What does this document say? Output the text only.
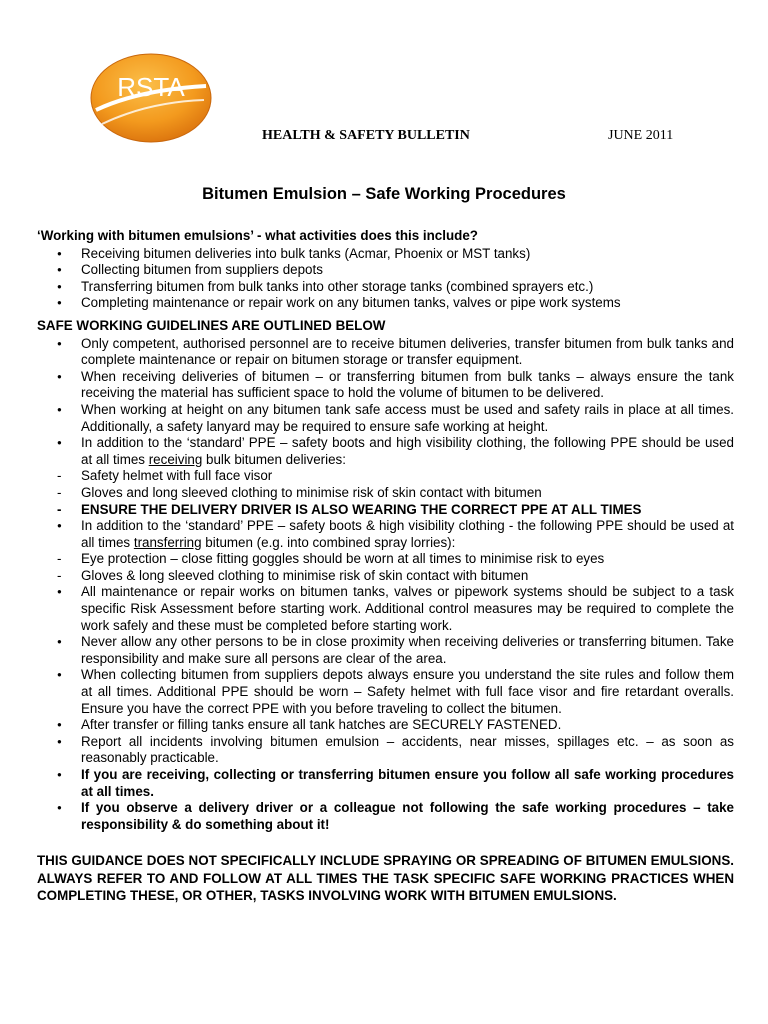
RSTA
HEALTH & SAFETY BULLETIN	JUNE 2011
Bitumen Emulsion – Safe Working Procedures
‘Working with bitumen emulsions’ - what activities does this include?
● Receiving bitumen deliveries into bulk tanks (Acmar, Phoenix or MST tanks)
● Collecting bitumen from suppliers depots
● Transferring bitumen from bulk tanks into other storage tanks (combined sprayers etc.)
● Completing maintenance or repair work on any bitumen tanks, valves or pipe work systems
SAFE WORKING GUIDELINES ARE OUTLINED BELOW
● Only competent, authorised personnel are to receive bitumen deliveries, transfer bitumen from bulk tanks and complete maintenance or repair on bitumen storage or transfer equipment.
● When receiving deliveries of bitumen – or transferring bitumen from bulk tanks – always ensure the tank receiving the material has sufficient space to hold the volume of bitumen to be delivered.
● When working at height on any bitumen tank safe access must be used and safety rails in place at all times. Additionally, a safety lanyard may be required to ensure safe working at height.
● In addition to the ‘standard’ PPE – safety boots and high visibility clothing, the following PPE should be used at all times receiving bulk bitumen deliveries:
- Safety helmet with full face visor
- Gloves and long sleeved clothing to minimise risk of skin contact with bitumen
- ENSURE THE DELIVERY DRIVER IS ALSO WEARING THE CORRECT PPE AT ALL TIMES
● In addition to the ‘standard’ PPE – safety boots & high visibility clothing - the following PPE should be used at all times transferring bitumen (e.g. into combined spray lorries):
- Eye protection – close fitting goggles should be worn at all times to minimise risk to eyes
- Gloves & long sleeved clothing to minimise risk of skin contact with bitumen
● All maintenance or repair works on bitumen tanks, valves or pipework systems should be subject to a task specific Risk Assessment before starting work. Additional control measures may be required to complete the work safely and these must be completed before starting work.
● Never allow any other persons to be in close proximity when receiving deliveries or transferring bitumen. Take responsibility and make sure all persons are clear of the area.
● When collecting bitumen from suppliers depots always ensure you understand the site rules and follow them at all times. Additional PPE should be worn – Safety helmet with full face visor and fire retardant overalls. Ensure you have the correct PPE with you before traveling to collect the bitumen.
● After transfer or filling tanks ensure all tank hatches are SECURELY FASTENED.
● Report all incidents involving bitumen emulsion – accidents, near misses, spillages etc. – as soon as reasonably practicable.
● If you are receiving, collecting or transferring bitumen ensure you follow all safe working procedures at all times.
● If you observe a delivery driver or a colleague not following the safe working procedures – take responsibility & do something about it!
THIS GUIDANCE DOES NOT SPECIFICALLY INCLUDE SPRAYING OR SPREADING OF BITUMEN EMULSIONS. ALWAYS REFER TO AND FOLLOW AT ALL TIMES THE TASK SPECIFIC SAFE WORKING PRACTICES WHEN COMPLETING THESE, OR OTHER, TASKS INVOLVING WORK WITH BITUMEN EMULSIONS.
